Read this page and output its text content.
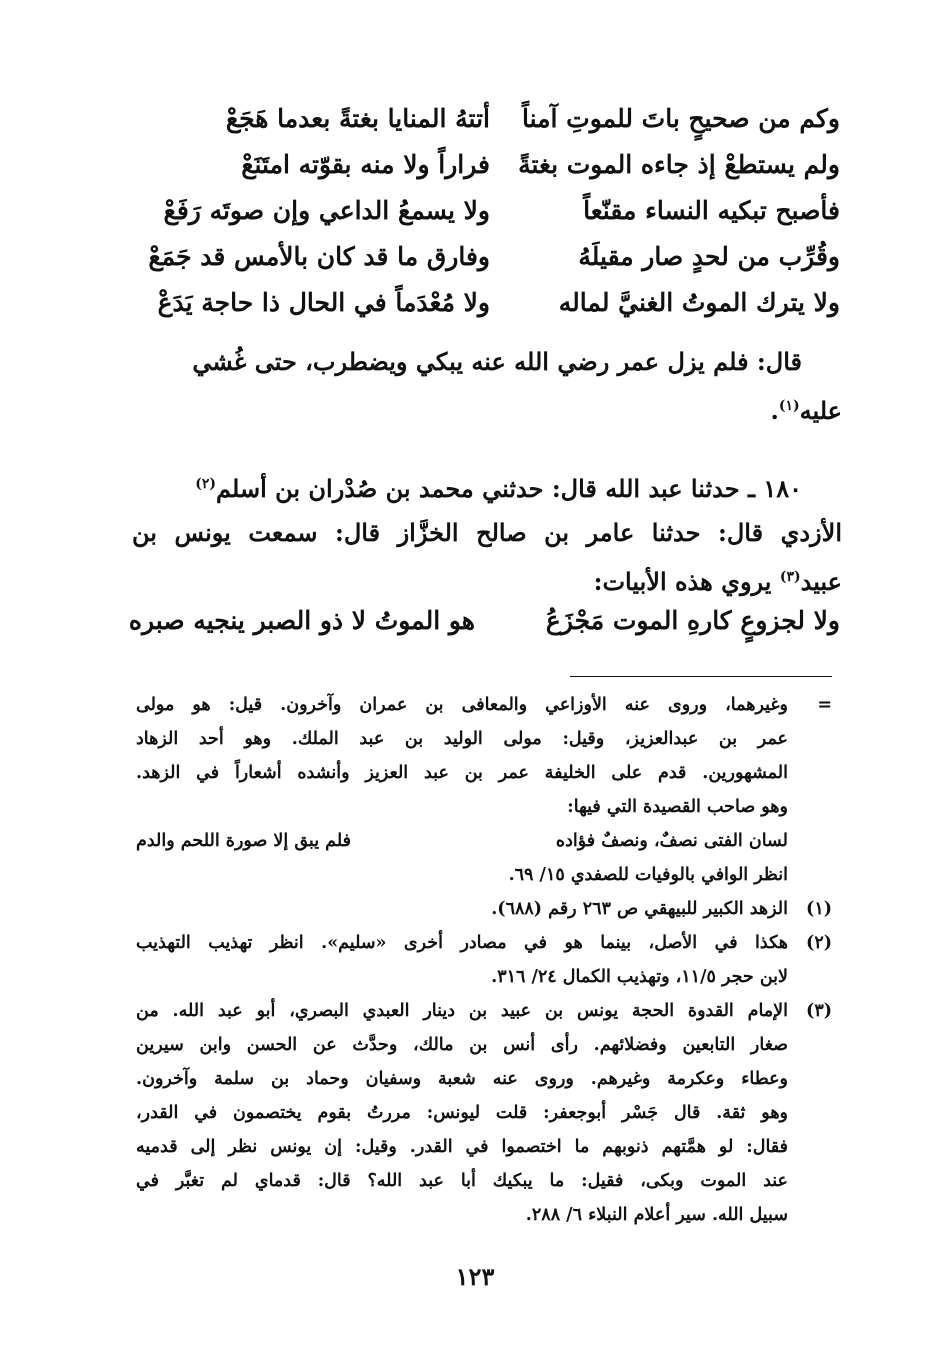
وكم من صحيحٍ باتَ للموتِ آمناً
أتتهُ المنايا بغتةً بعدما هَجَعْ
ولم يستطعْ إذ جاءه الموت بغتةً
فراراً ولا منه بقوّته امتَنَعْ
فأصبح تبكيه النساء مقنّعاً
ولا يسمعُ الداعي وإن صوتَه رَفَعْ
وقُرِّب من لحدٍ صار مقيلَهُ
وفارق ما قد كان بالأمس قد جَمَعْ
ولا يترك الموتُ الغنيَّ لماله
ولا مُعْدَماً في الحال ذا حاجة يَدَعْ
قال: فلم يزل عمر رضي الله عنه يبكي ويضطرب، حتى غُشي
عليه$^{(١)}$.
١٨٠ ـ حدثنا عبد الله قال: حدثني محمد بن صُدْران بن أسلم$^{(٢)}$
الأزدي قال: حدثنا عامر بن صالح الخزَّاز قال: سمعت يونس بن
عبيد$^{(٣)}$ يروي هذه الأبيات:
ولا لجزوعٍ كارهِ الموت مَجْزَعُ
هو الموتُ لا ذو الصبر ينجيه صبره
=
وغيرهما، وروى عنه الأوزاعي والمعافى بن عمران وآخرون. قيل: هو مولى
عمر بن عبدالعزيز، وقيل: مولى الوليد بن عبد الملك. وهو أحد الزهاد
المشهورين. قدم على الخليفة عمر بن عبد العزيز وأنشده أشعاراً في الزهد.
وهو صاحب القصيدة التي فيها:
لسان الفتى نصفٌ، ونصفٌ فؤاده
فلم يبق إلا صورة اللحم والدم
انظر الوافي بالوفيات للصفدي ١٥/ ٦٩.
(١)
الزهد الكبير للبيهقي ص ٢٦٣ رقم (٦٨٨).
(٢)
هكذا في الأصل، بينما هو في مصادر أخرى «سليم». انظر تهذيب التهذيب
لابن حجر ١١/٥، وتهذيب الكمال ٢٤/ ٣١٦.
(٣)
الإمام القدوة الحجة يونس بن عبيد بن دينار العبدي البصري، أبو عبد الله. من
صغار التابعين وفضلائهم. رأى أنس بن مالك، وحدَّث عن الحسن وابن سيرين
وعطاء وعكرمة وغيرهم. وروى عنه شعبة وسفيان وحماد بن سلمة وآخرون.
وهو ثقة. قال جَسْر أبوجعفر: قلت ليونس: مررتُ بقوم يختصمون في القدر،
فقال: لو همَّتهم ذنوبهم ما اختصموا في القدر. وقيل: إن يونس نظر إلى قدميه
عند الموت وبكى، فقيل: ما يبكيك أبا عبد الله؟ قال: قدماي لم تغبَّر في
سبيل الله. سير أعلام النبلاء ٦/ ٢٨٨.
١٢٣
